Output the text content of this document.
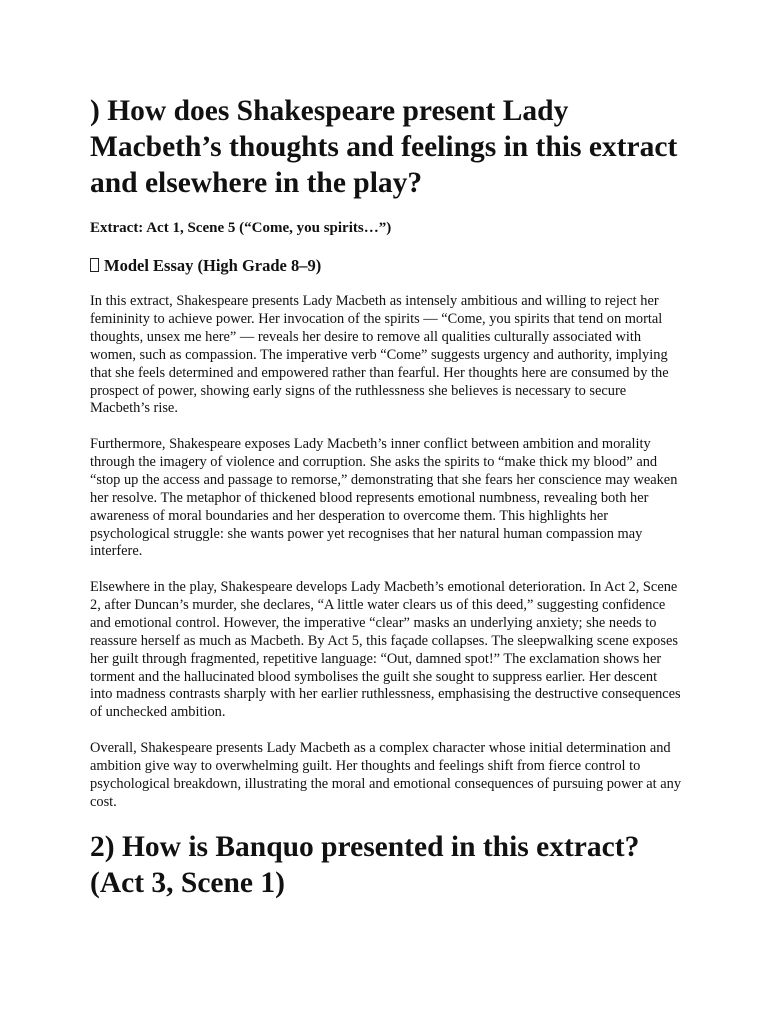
) How does Shakespeare present Lady Macbeth’s thoughts and feelings in this extract and elsewhere in the play?
Extract: Act 1, Scene 5 (“Come, you spirits…”)
Model Essay (High Grade 8–9)

In this extract, Shakespeare presents Lady Macbeth as intensely ambitious and willing to reject her femininity to achieve power. Her invocation of the spirits — “Come, you spirits that tend on mortal thoughts, unsex me here” — reveals her desire to remove all qualities culturally associated with women, such as compassion. The imperative verb “Come” suggests urgency and authority, implying that she feels determined and empowered rather than fearful. Her thoughts here are consumed by the prospect of power, showing early signs of the ruthlessness she believes is necessary to secure Macbeth’s rise.

Furthermore, Shakespeare exposes Lady Macbeth’s inner conflict between ambition and morality through the imagery of violence and corruption. She asks the spirits to “make thick my blood” and “stop up the access and passage to remorse,” demonstrating that she fears her conscience may weaken her resolve. The metaphor of thickened blood represents emotional numbness, revealing both her awareness of moral boundaries and her desperation to overcome them. This highlights her psychological struggle: she wants power yet recognises that her natural human compassion may interfere.

Elsewhere in the play, Shakespeare develops Lady Macbeth’s emotional deterioration. In Act 2, Scene 2, after Duncan’s murder, she declares, “A little water clears us of this deed,” suggesting confidence and emotional control. However, the imperative “clear” masks an underlying anxiety; she needs to reassure herself as much as Macbeth. By Act 5, this façade collapses. The sleepwalking scene exposes her guilt through fragmented, repetitive language: “Out, damned spot!” The exclamation shows her torment and the hallucinated blood symbolises the guilt she sought to suppress earlier. Her descent into madness contrasts sharply with her earlier ruthlessness, emphasising the destructive consequences of unchecked ambition.

Overall, Shakespeare presents Lady Macbeth as a complex character whose initial determination and ambition give way to overwhelming guilt. Her thoughts and feelings shift from fierce control to psychological breakdown, illustrating the moral and emotional consequences of pursuing power at any cost.

2) How is Banquo presented in this extract? (Act 3, Scene 1)
